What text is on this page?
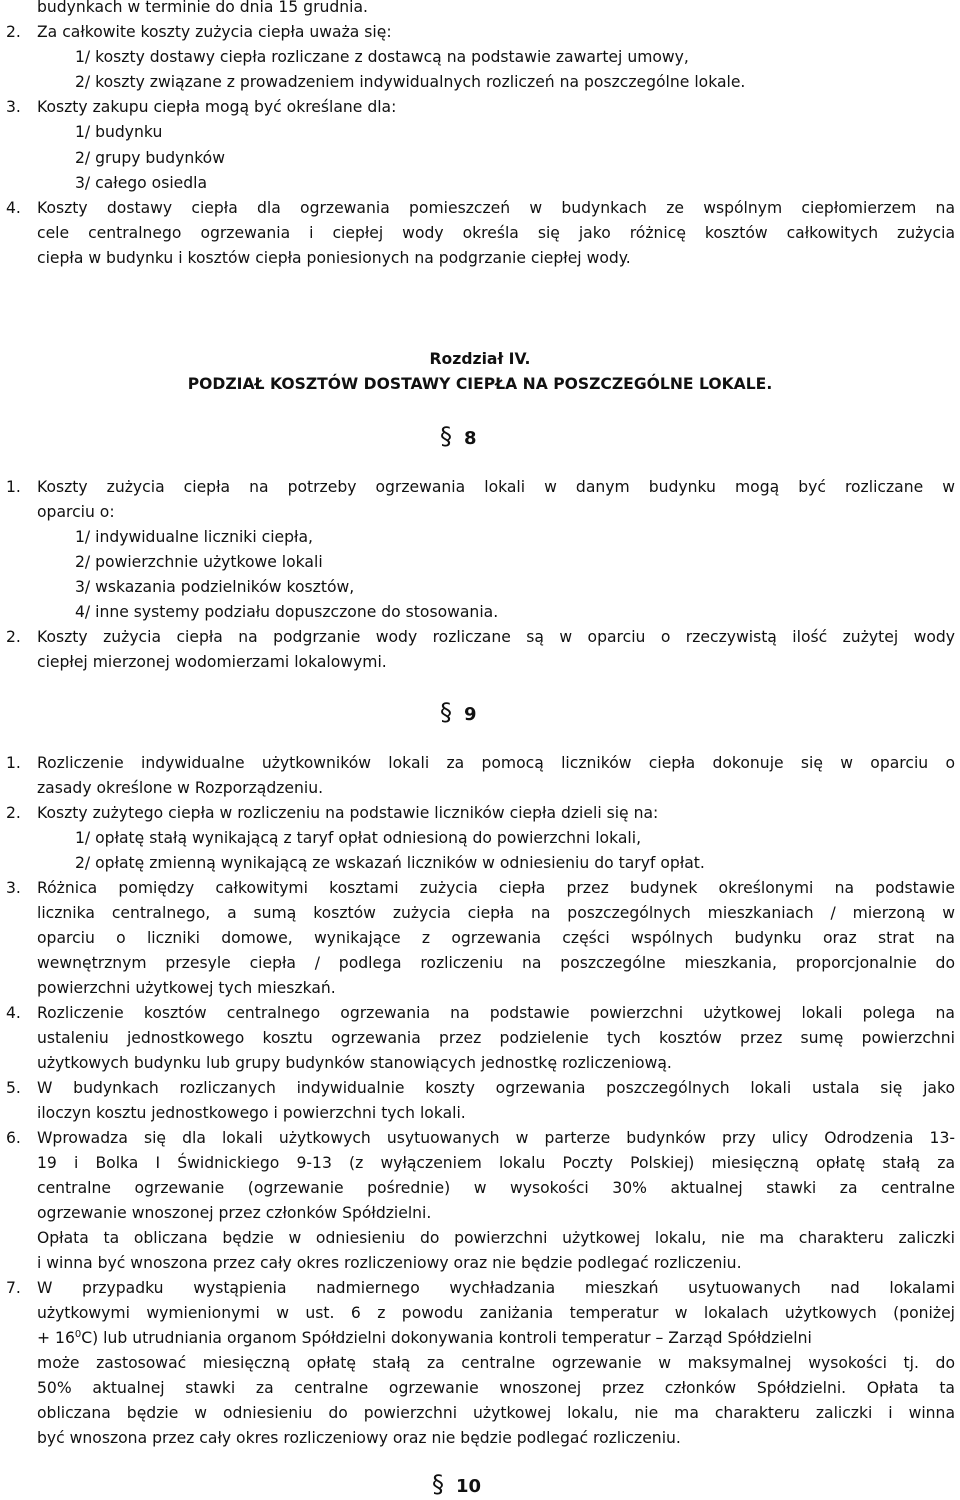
budynkach w terminie do dnia 15 grudnia.
2. Za całkowite koszty zużycia ciepła uważa się:
1/ koszty dostawy ciepła rozliczane z dostawcą na podstawie zawartej umowy,
2/ koszty związane z prowadzeniem indywidualnych rozliczeń na poszczególne lokale.
3. Koszty zakupu ciepła mogą być określane dla:
1/ budynku
2/ grupy budynków
3/ całego osiedla
4. Koszty dostawy ciepła dla ogrzewania pomieszczeń w budynkach ze wspólnym ciepłomierzem na
cele centralnego ogrzewania i ciepłej wody określa się jako różnicę kosztów całkowitych zużycia
ciepła w budynku i kosztów ciepła poniesionych na podgrzanie ciepłej wody.
Rozdział IV.
PODZIAŁ KOSZTÓW DOSTAWY CIEPŁA NA POSZCZEGÓLNE LOKALE.
§ 8
1. Koszty zużycia ciepła na potrzeby ogrzewania lokali w danym budynku mogą być rozliczane w
oparciu o:
1/ indywidualne liczniki ciepła,
2/ powierzchnie użytkowe lokali
3/ wskazania podzielników kosztów,
4/ inne systemy podziału dopuszczone do stosowania.
2. Koszty zużycia ciepła na podgrzanie wody rozliczane są w oparciu o rzeczywistą ilość zużytej wody
ciepłej mierzonej wodomierzami lokalowymi.
§ 9
1. Rozliczenie indywidualne użytkowników lokali za pomocą liczników ciepła dokonuje się w oparciu o
zasady określone w Rozporządzeniu.
2. Koszty zużytego ciepła w rozliczeniu na podstawie liczników ciepła dzieli się na:
1/ opłatę stałą wynikającą z taryf opłat odniesioną do powierzchni lokali,
2/ opłatę zmienną wynikającą ze wskazań liczników w odniesieniu do taryf opłat.
3. Różnica pomiędzy całkowitymi kosztami zużycia ciepła przez budynek określonymi na podstawie
licznika centralnego, a sumą kosztów zużycia ciepła na poszczególnych mieszkaniach / mierzoną w
oparciu o liczniki domowe, wynikające z ogrzewania części wspólnych budynku oraz strat na
wewnętrznym przesyle ciepła / podlega rozliczeniu na poszczególne mieszkania, proporcjonalnie do
powierzchni użytkowej tych mieszkań.
4. Rozliczenie kosztów centralnego ogrzewania na podstawie powierzchni użytkowej lokali polega na
ustaleniu jednostkowego kosztu ogrzewania przez podzielenie tych kosztów przez sumę powierzchni
użytkowych budynku lub grupy budynków stanowiących jednostkę rozliczeniową.
5. W budynkach rozliczanych indywidualnie koszty ogrzewania poszczególnych lokali ustala się jako
iloczyn kosztu jednostkowego i powierzchni tych lokali.
6. Wprowadza się dla lokali użytkowych usytuowanych w parterze budynków przy ulicy Odrodzenia 13-
19 i Bolka I Świdnickiego 9-13 (z wyłączeniem lokalu Poczty Polskiej) miesięczną opłatę stałą za
centralne ogrzewanie (ogrzewanie pośrednie) w wysokości 30% aktualnej stawki za centralne
ogrzewanie wnoszonej przez członków Spółdzielni.
Opłata ta obliczana będzie w odniesieniu do powierzchni użytkowej lokalu, nie ma charakteru zaliczki
i winna być wnoszona przez cały okres rozliczeniowy oraz nie będzie podlegać rozliczeniu.
7. W przypadku wystąpienia nadmiernego wychładzania mieszkań usytuowanych nad lokalami
użytkowymi wymienionymi w ust. 6 z powodu zaniżania temperatur w lokalach użytkowych (poniżej
+ $16^0C$) lub utrudniania organom Spółdzielni dokonywania kontroli temperatur – Zarząd Spółdzielni
może zastosować miesięczną opłatę stałą za centralne ogrzewanie w maksymalnej wysokości tj. do
50% aktualnej stawki za centralne ogrzewanie wnoszonej przez członków Spółdzielni. Opłata ta
obliczana będzie w odniesieniu do powierzchni użytkowej lokalu, nie ma charakteru zaliczki i winna
być wnoszona przez cały okres rozliczeniowy oraz nie będzie podlegać rozliczeniu.
§ 10
